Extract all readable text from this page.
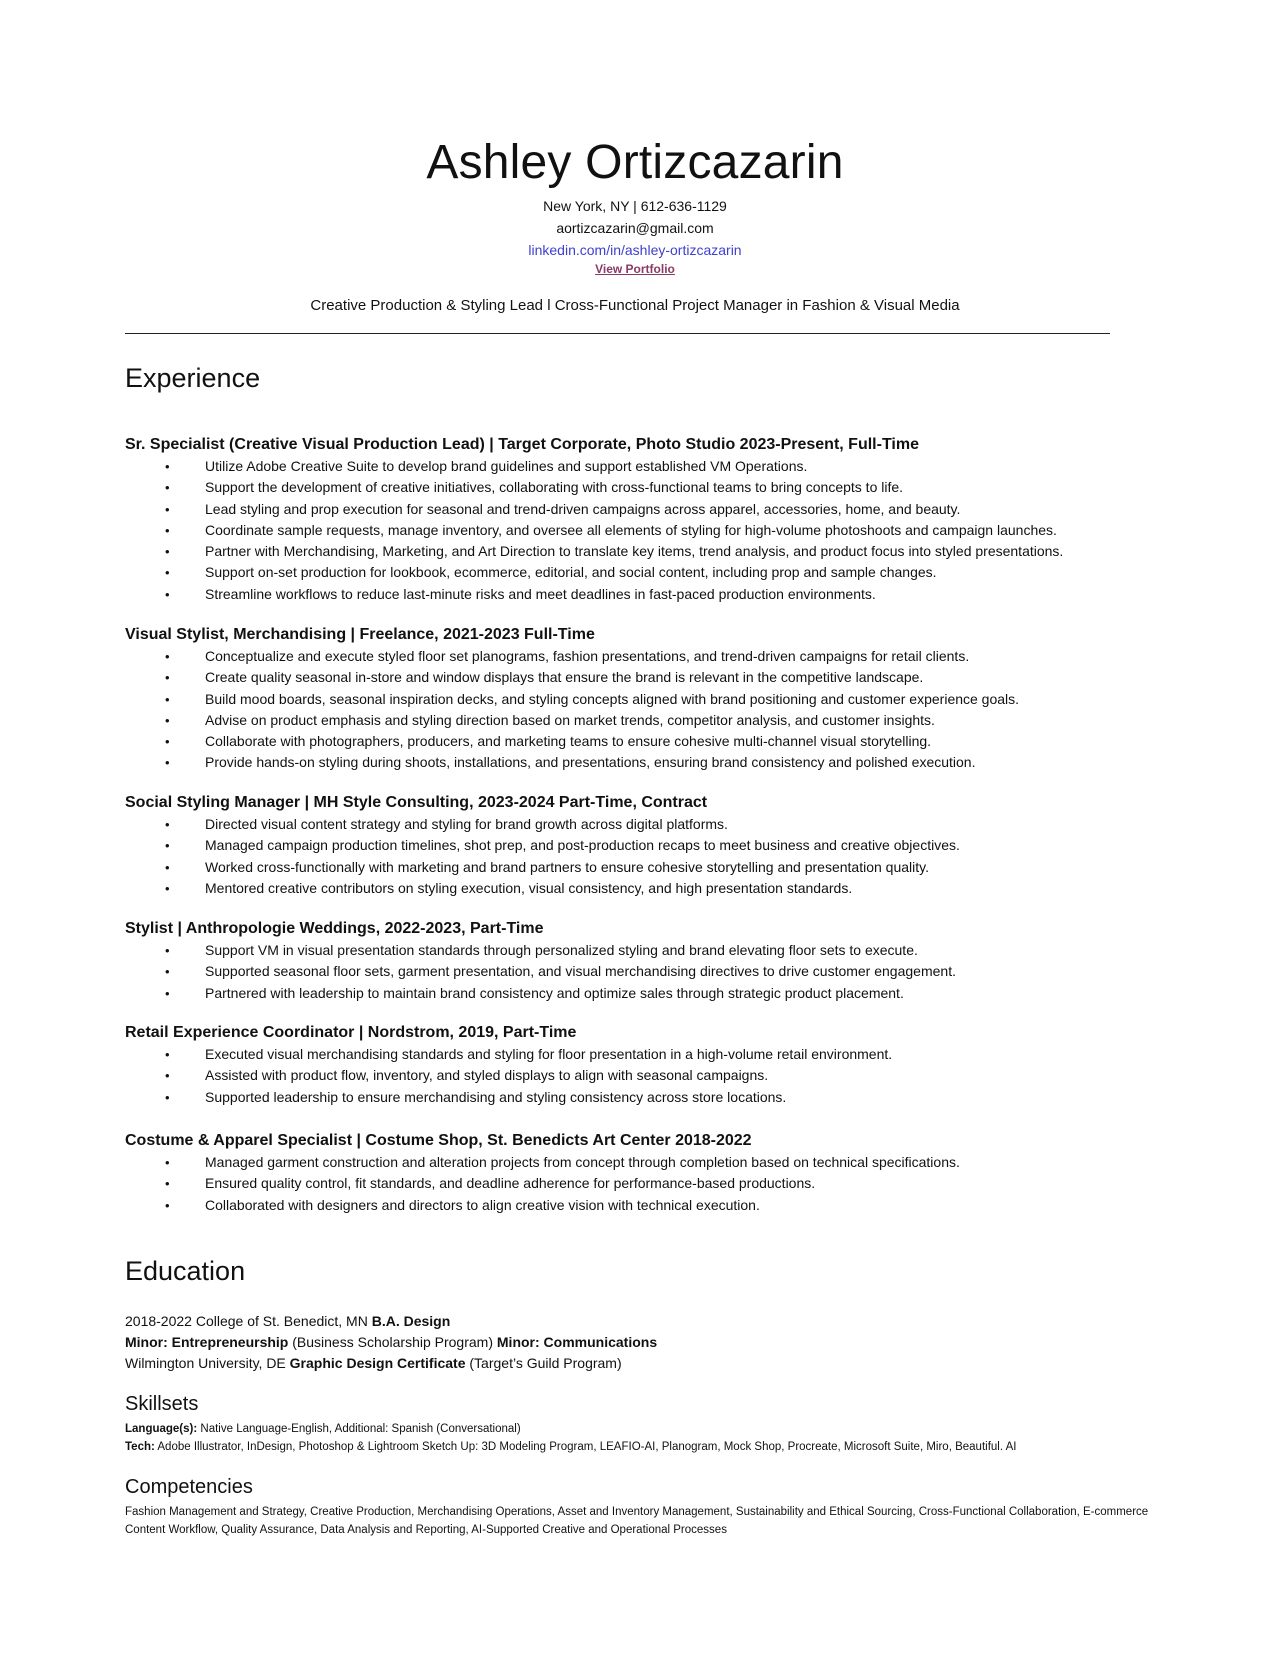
Ashley Ortizcazarin
New York, NY | 612-636-1129
aortizcazarin@gmail.com
linkedin.com/in/ashley-ortizcazarin
View Portfolio
Creative Production & Styling Lead l Cross-Functional Project Manager in Fashion & Visual Media
Experience
Sr. Specialist (Creative Visual Production Lead) | Target Corporate, Photo Studio 2023-Present, Full-Time
• Utilize Adobe Creative Suite to develop brand guidelines and support established VM Operations.
• Support the development of creative initiatives, collaborating with cross-functional teams to bring concepts to life.
• Lead styling and prop execution for seasonal and trend-driven campaigns across apparel, accessories, home, and beauty.
• Coordinate sample requests, manage inventory, and oversee all elements of styling for high-volume photoshoots and campaign launches.
• Partner with Merchandising, Marketing, and Art Direction to translate key items, trend analysis, and product focus into styled presentations.
• Support on-set production for lookbook, ecommerce, editorial, and social content, including prop and sample changes.
• Streamline workflows to reduce last-minute risks and meet deadlines in fast-paced production environments.
Visual Stylist, Merchandising | Freelance, 2021-2023 Full-Time
• Conceptualize and execute styled floor set planograms, fashion presentations, and trend-driven campaigns for retail clients.
• Create quality seasonal in-store and window displays that ensure the brand is relevant in the competitive landscape.
• Build mood boards, seasonal inspiration decks, and styling concepts aligned with brand positioning and customer experience goals.
• Advise on product emphasis and styling direction based on market trends, competitor analysis, and customer insights.
• Collaborate with photographers, producers, and marketing teams to ensure cohesive multi-channel visual storytelling.
• Provide hands-on styling during shoots, installations, and presentations, ensuring brand consistency and polished execution.
Social Styling Manager | MH Style Consulting, 2023-2024 Part-Time, Contract
• Directed visual content strategy and styling for brand growth across digital platforms.
• Managed campaign production timelines, shot prep, and post-production recaps to meet business and creative objectives.
• Worked cross-functionally with marketing and brand partners to ensure cohesive storytelling and presentation quality.
• Mentored creative contributors on styling execution, visual consistency, and high presentation standards.
Stylist | Anthropologie Weddings, 2022-2023, Part-Time
• Support VM in visual presentation standards through personalized styling and brand elevating floor sets to execute.
• Supported seasonal floor sets, garment presentation, and visual merchandising directives to drive customer engagement.
• Partnered with leadership to maintain brand consistency and optimize sales through strategic product placement.
Retail Experience Coordinator | Nordstrom, 2019, Part-Time
• Executed visual merchandising standards and styling for floor presentation in a high-volume retail environment.
• Assisted with product flow, inventory, and styled displays to align with seasonal campaigns.
• Supported leadership to ensure merchandising and styling consistency across store locations.
Costume & Apparel Specialist | Costume Shop, St. Benedicts Art Center 2018-2022
• Managed garment construction and alteration projects from concept through completion based on technical specifications.
• Ensured quality control, fit standards, and deadline adherence for performance-based productions.
• Collaborated with designers and directors to align creative vision with technical execution.
Education
2018-2022 College of St. Benedict, MN B.A. Design
Minor: Entrepreneurship (Business Scholarship Program) Minor: Communications
Wilmington University, DE Graphic Design Certificate (Target’s Guild Program)
Skillsets
Language(s): Native Language-English, Additional: Spanish (Conversational)
Tech: Adobe Illustrator, InDesign, Photoshop & Lightroom Sketch Up: 3D Modeling Program, LEAFIO-AI, Planogram, Mock Shop, Procreate, Microsoft Suite, Miro, Beautiful. AI
Competencies
Fashion Management and Strategy, Creative Production, Merchandising Operations, Asset and Inventory Management, Sustainability and Ethical Sourcing, Cross-Functional Collaboration, E-commerce Content Workflow, Quality Assurance, Data Analysis and Reporting, AI-Supported Creative and Operational Processes
